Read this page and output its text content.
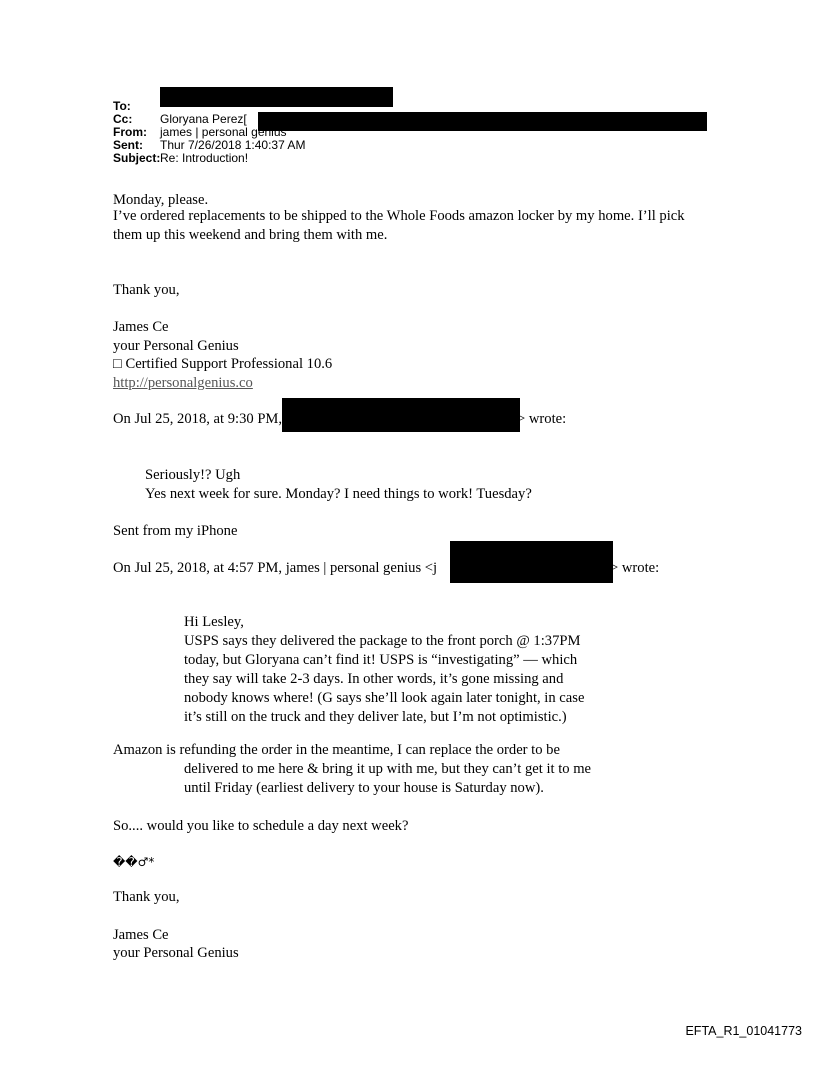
To:
Cc: Gloryana Perez[
From: james | personal genius
Sent: Thur 7/26/2018 1:40:37 AM
Subject: Re: Introduction!
Monday, please.
I’ve ordered replacements to be shipped to the Whole Foods amazon locker by my home. I’ll pick
them up this weekend and bring them with me.
Thank you,
James Ce
your Personal Genius
□ Certified Support Professional 10.6
http://personalgenius.co
On Jul 25, 2018, at 9:30 PM,	> wrote:
Seriously!? Ugh
Yes next week for sure. Monday? I need things to work! Tuesday?
Sent from my iPhone
On Jul 25, 2018, at 4:57 PM, james | personal genius <j	> wrote:
Hi Lesley,
USPS says they delivered the package to the front porch @ 1:37PM
today, but Gloryana can’t find it! USPS is “investigating” — which
they say will take 2-3 days. In other words, it’s gone missing and
nobody knows where! (G says she’ll look again later tonight, in case
it’s still on the truck and they deliver late, but I’m not optimistic.)
Amazon is refunding the order in the meantime, I can replace the order to be
delivered to me here & bring it up with me, but they can’t get it to me
until Friday (earliest delivery to your house is Saturday now).
So.... would you like to schedule a day next week?
��♂*
Thank you,
James Ce
your Personal Genius
EFTA_R1_01041773
